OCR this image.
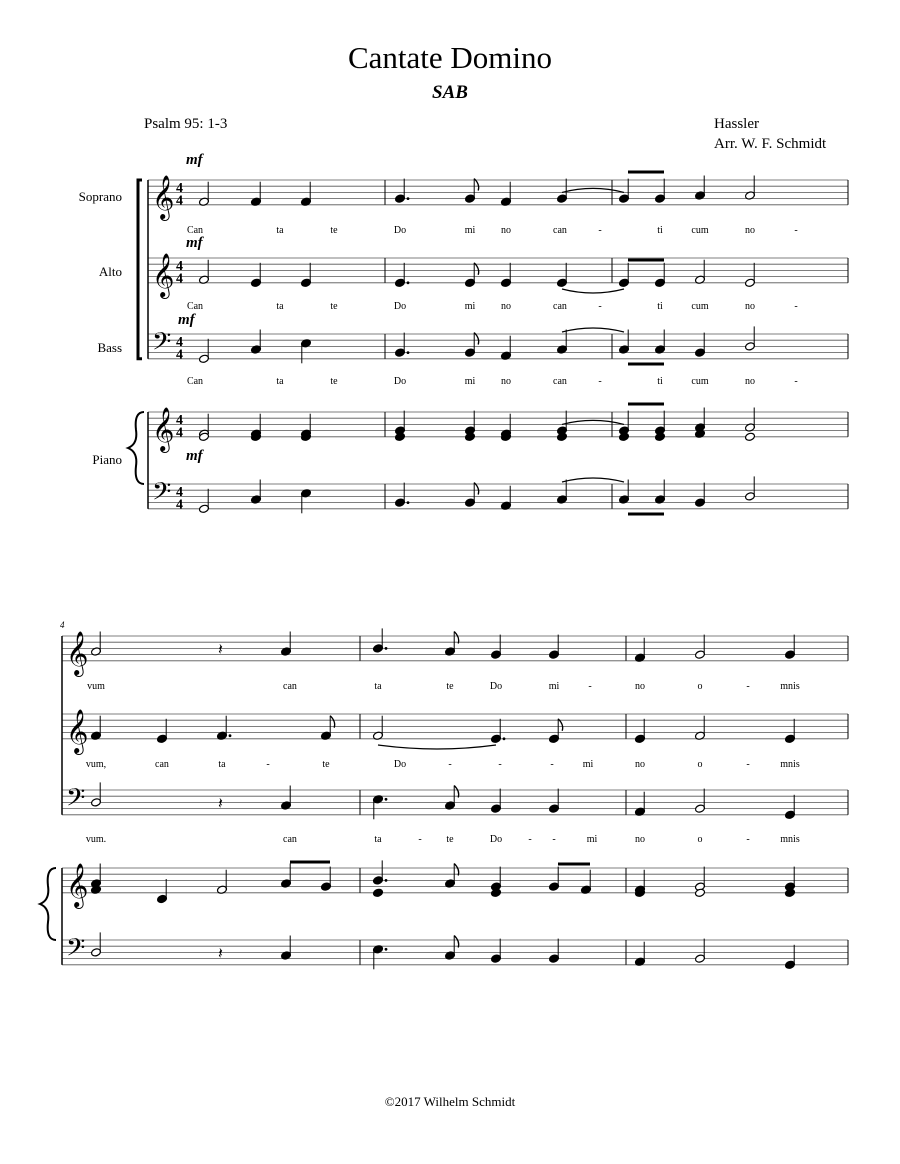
Cantate Domino
SAB
Psalm 95: 1-3	Hassler
Arr. W. F. Schmidt
Soprano
Alto
Bass
Piano
mf
mf
mf
mf
4
Can	ta	te	Do	mi	no	can	-	ti	cum	no	-
Can	ta	te	Do	mi	no	can	-	ti	cum	no	-
Can	ta	te	Do	mi	no	can	-	ti	cum	no	-
vum	can	ta	te	Do	mi	-	no	o	-	mnis
vum,	can	ta	-	te	Do	-	-	-	mi	no	o	-	mnis
vum.	can	ta	- te	Do	- -	mi	no	o	-	mnis
𝄞 4
4
𝄞 4
4
𝄢 4
4
𝄞 4
4
𝄢 4
4
𝄞
𝄞
𝄢
𝄞
𝄢
𝄽
𝄽
𝄽
©2017 Wilhelm Schmidt
